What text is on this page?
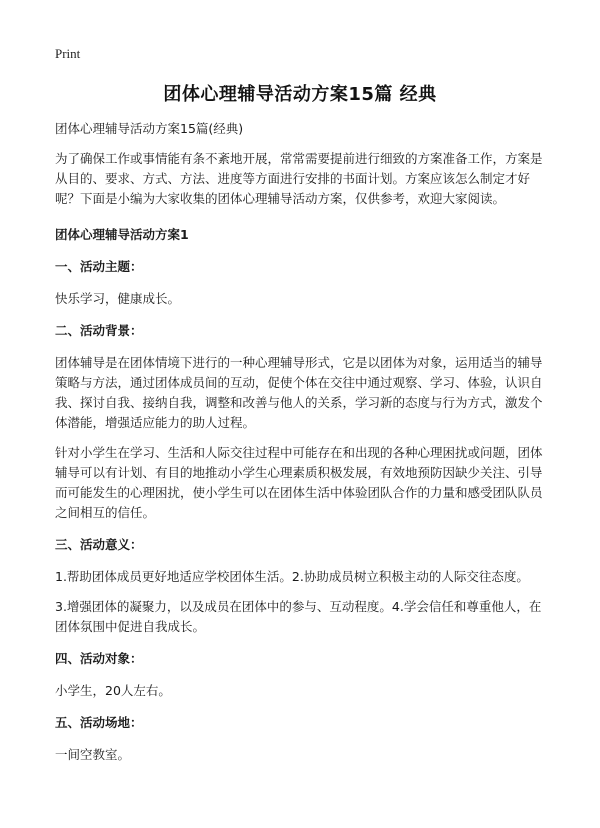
Print
团体心理辅导活动方案15篇 经典

团体心理辅导活动方案15篇(经典)

为了确保工作或事情能有条不紊地开展，常常需要提前进行细致的方案准备工作，方案是从目的、要求、方式、方法、进度等方面进行安排的书面计划。方案应该怎么制定才好呢？下面是小编为大家收集的团体心理辅导活动方案，仅供参考，欢迎大家阅读。

团体心理辅导活动方案1
一、活动主题：

快乐学习，健康成长。

二、活动背景：

团体辅导是在团体情境下进行的一种心理辅导形式，它是以团体为对象，运用适当的辅导策略与方法，通过团体成员间的互动，促使个体在交往中通过观察、学习、体验，认识自我、探讨自我、接纳自我，调整和改善与他人的关系，学习新的态度与行为方式，激发个体潜能，增强适应能力的助人过程。

针对小学生在学习、生活和人际交往过程中可能存在和出现的各种心理困扰或问题，团体辅导可以有计划、有目的地推动小学生心理素质积极发展，有效地预防因缺少关注、引导而可能发生的心理困扰，使小学生可以在团体生活中体验团队合作的力量和感受团队队员之间相互的信任。

三、活动意义：

1.帮助团体成员更好地适应学校团体生活。2.协助成员树立积极主动的人际交往态度。

3.增强团体的凝聚力，以及成员在团体中的参与、互动程度。4.学会信任和尊重他人，在团体氛围中促进自我成长。

四、活动对象：

小学生，20人左右。

五、活动场地：

一间空教室。
